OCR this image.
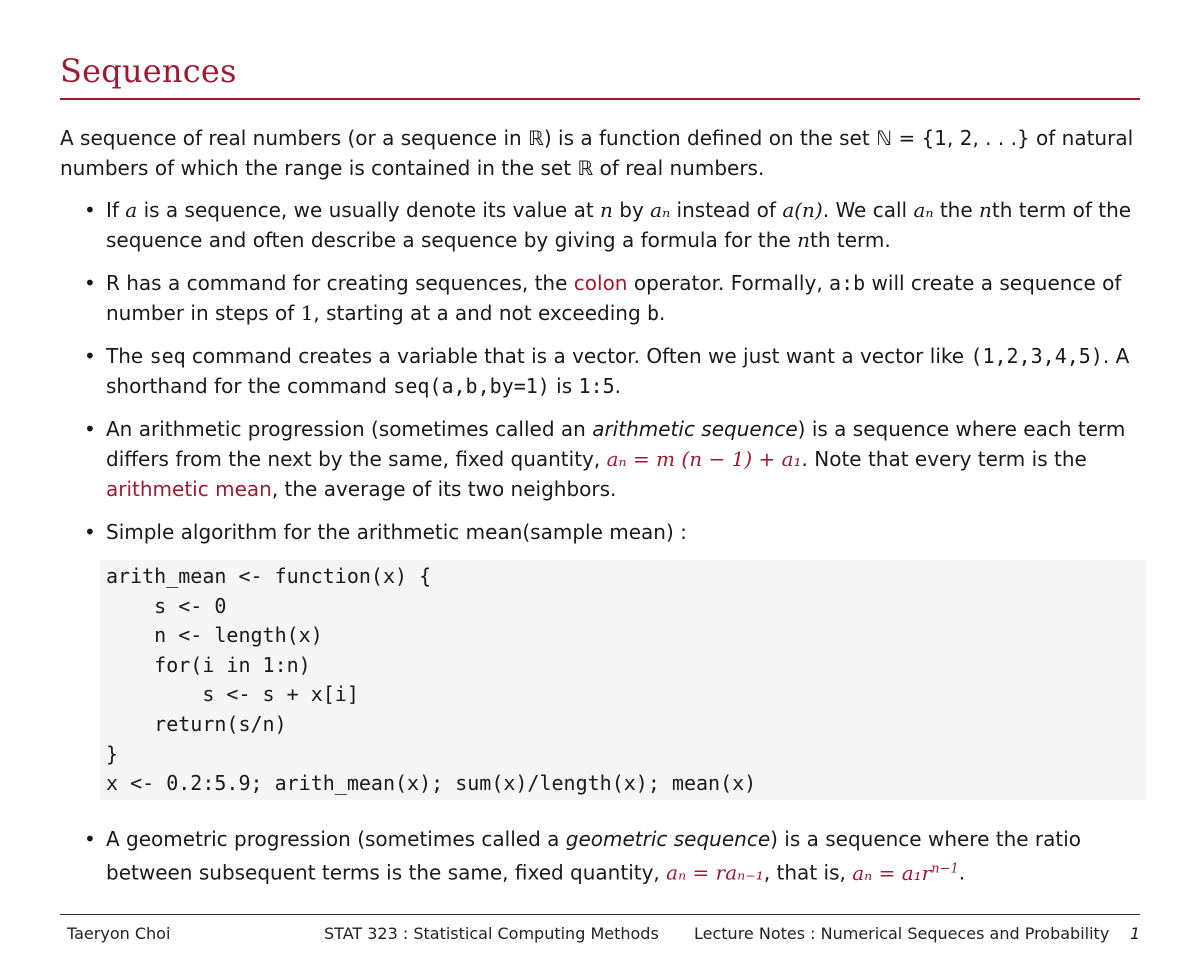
Sequences
A sequence of real numbers (or a sequence in ℝ) is a function defined on the set ℕ = {1, 2, . . .} of natural numbers of which the range is contained in the set ℝ of real numbers.
• If a is a sequence, we usually denote its value at n by aₙ instead of a(n). We call aₙ the nth term of the sequence and often describe a sequence by giving a formula for the nth term.
• R has a command for creating sequences, the colon operator. Formally, a:b will create a sequence of number in steps of 1, starting at a and not exceeding b.
• The seq command creates a variable that is a vector. Often we just want a vector like (1,2,3,4,5). A shorthand for the command seq(a,b,by=1) is 1:5.
• An arithmetic progression (sometimes called an arithmetic sequence) is a sequence where each term differs from the next by the same, fixed quantity, aₙ = m (n − 1) + a₁. Note that every term is the arithmetic mean, the average of its two neighbors.
• Simple algorithm for the arithmetic mean(sample mean) :
arith_mean <- function(x) {
s <- 0
n <- length(x)
for(i in 1:n)
s <- s + x[i]
return(s/n)
}
x <- 0.2:5.9; arith_mean(x); sum(x)/length(x); mean(x)
• A geometric progression (sometimes called a geometric sequence) is a sequence where the ratio between subsequent terms is the same, fixed quantity, aₙ = raₙ₋₁, that is, $a_n = a_1r^{n-1}$.
Taeryon Choi	STAT 323 : Statistical Computing Methods Lecture Notes : Numerical Sequeces and Probability 1
